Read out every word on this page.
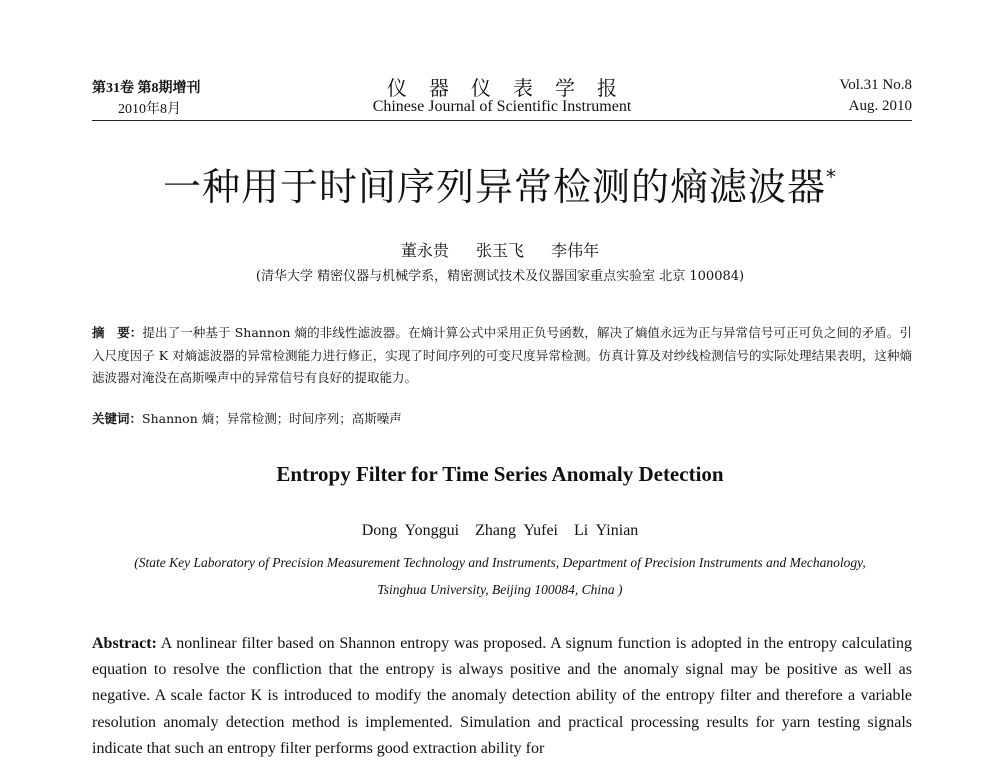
第31卷 第8期增刊
2010年8月
仪器仪表学报
Chinese Journal of Scientific Instrument
Vol.31 No.8
Aug. 2010
一种用于时间序列异常检测的熵滤波器*
董永贵 张玉飞 李伟年
(清华大学 精密仪器与机械学系，精密测试技术及仪器国家重点实验室 北京 100084)
摘　要：提出了一种基于 Shannon 熵的非线性滤波器。在熵计算公式中采用正负号函数，解决了熵值永远为正与异常信号可正可负之间的矛盾。引入尺度因子 K 对熵滤波器的异常检测能力进行修正，实现了时间序列的可变尺度异常检测。仿真计算及对纱线检测信号的实际处理结果表明，这种熵滤波器对淹没在高斯噪声中的异常信号有良好的提取能力。
关键词：Shannon 熵；异常检测；时间序列；高斯噪声
Entropy Filter for Time Series Anomaly Detection
Dong Yonggui Zhang Yufei Li Yinian
(State Key Laboratory of Precision Measurement Technology and Instruments, Department of Precision Instruments and Mechanology, Tsinghua University, Beijing 100084, China )
Abstract: A nonlinear filter based on Shannon entropy was proposed. A signum function is adopted in the entropy calculating equation to resolve the confliction that the entropy is always positive and the anomaly signal may be positive as well as negative. A scale factor K is introduced to modify the anomaly detection ability of the entropy filter and therefore a variable resolution anomaly detection method is implemented. Simulation and practical processing results for yarn testing signals indicate that such an entropy filter performs good extraction ability for
